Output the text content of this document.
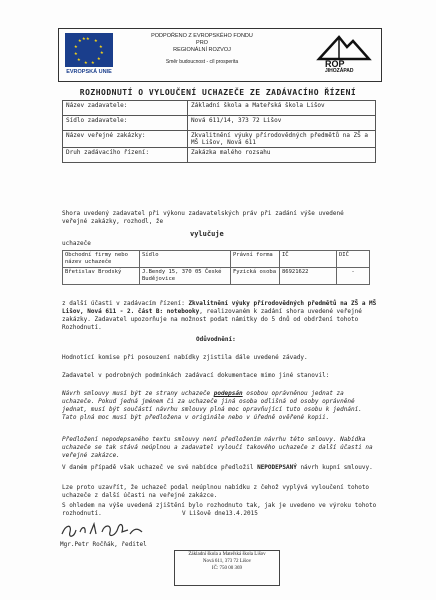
★ ★
★
★
★
★
★
★
★
★
★ ★
EVROPSKÁ UNIE
PODPOŘENO Z EVROPSKÉHO FONDU
PRO
REGIONÁLNÍ ROZVOJ
Směr budoucnost - cíl prosperita	ROP
JIHOZÁPAD
ROZHODNUTÍ O VYLOUČENÍ UCHAZEČE ZE ZADÁVACÍHO ŘÍZENÍ
Název zadavatele:	Základní škola a Mateřská škola Lišov
Sídlo zadavatele:	Nová 611/14, 373 72 Lišov
Název veřejné zakázky:	Zkvalitnění výuky přírodovědných předmětů na ZŠ a MŠ Lišov, Nová 611
Druh zadávacího řízení:	Zakázka malého rozsahu
Shora uvedený zadavatel při výkonu zadavatelských práv při zadání výše uvedené veřejné zakázky, rozhodl, že
vylučuje
uchazeče
Obchodní firmy nebo název uchazeče	Sídlo	Právní forma	IČ	DIČ
Břetislav Brodský	J.Bendy 15, 370 05 České Budějovice	Fyzická osoba	86921622	-
z další účasti v zadávacím řízení: Zkvalitnění výuky přírodovědných předmětů na ZŠ a MŠ Lišov, Nová 611 - 2. část B: notebooky, realizovaném k zadání shora uvedené veřejné zakázky. Zadavatel upozorňuje na možnost podat námitky do 5 dnů od obdržení tohoto Rozhodnutí.
Odůvodnění:
Hodnotící komise při posouzení nabídky zjistila dále uvedené závady.
Zadavatel v podrobných podmínkách zadávací dokumentace mimo jiné stanovil:
Návrh smlouvy musí být ze strany uchazeče podepsán osobou oprávněnou jednat za uchazeče. Pokud jedná jménem či za uchazeče jiná osoba odlišná od osoby oprávněné jednat, musí být součástí návrhu smlouvy plná moc opravňující tuto osobu k jednání. Tato plná moc musí být předložena v originále nebo v úředně ověřené kopii.
Předložení nepodepsaného textu smlouvy není předložením návrhu této smlouvy. Nabídka uchazeče se tak stává neúplnou a zadavatel vyloučí takového uchazeče z další účasti na veřejné zakázce.
V daném případě však uchazeč ve své nabídce předložil NEPODEPSANÝ návrh kupní smlouvy.
Lze proto uzavřít, že uchazeč podal neúplnou nabídku z čehož vyplývá vyloučení tohoto uchazeče z další účasti na veřejné zakázce.
S ohledem na výše uvedená zjištění bylo rozhodnuto tak, jak je uvedeno ve výroku tohoto rozhodnutí.	V Lišově dne13.4.2015
Mgr.Petr Ročňák, ředitel
Základní škola a Mateřská škola Lišov
Nová 611, 373 72 Lišov
IČ: 750 00 369
